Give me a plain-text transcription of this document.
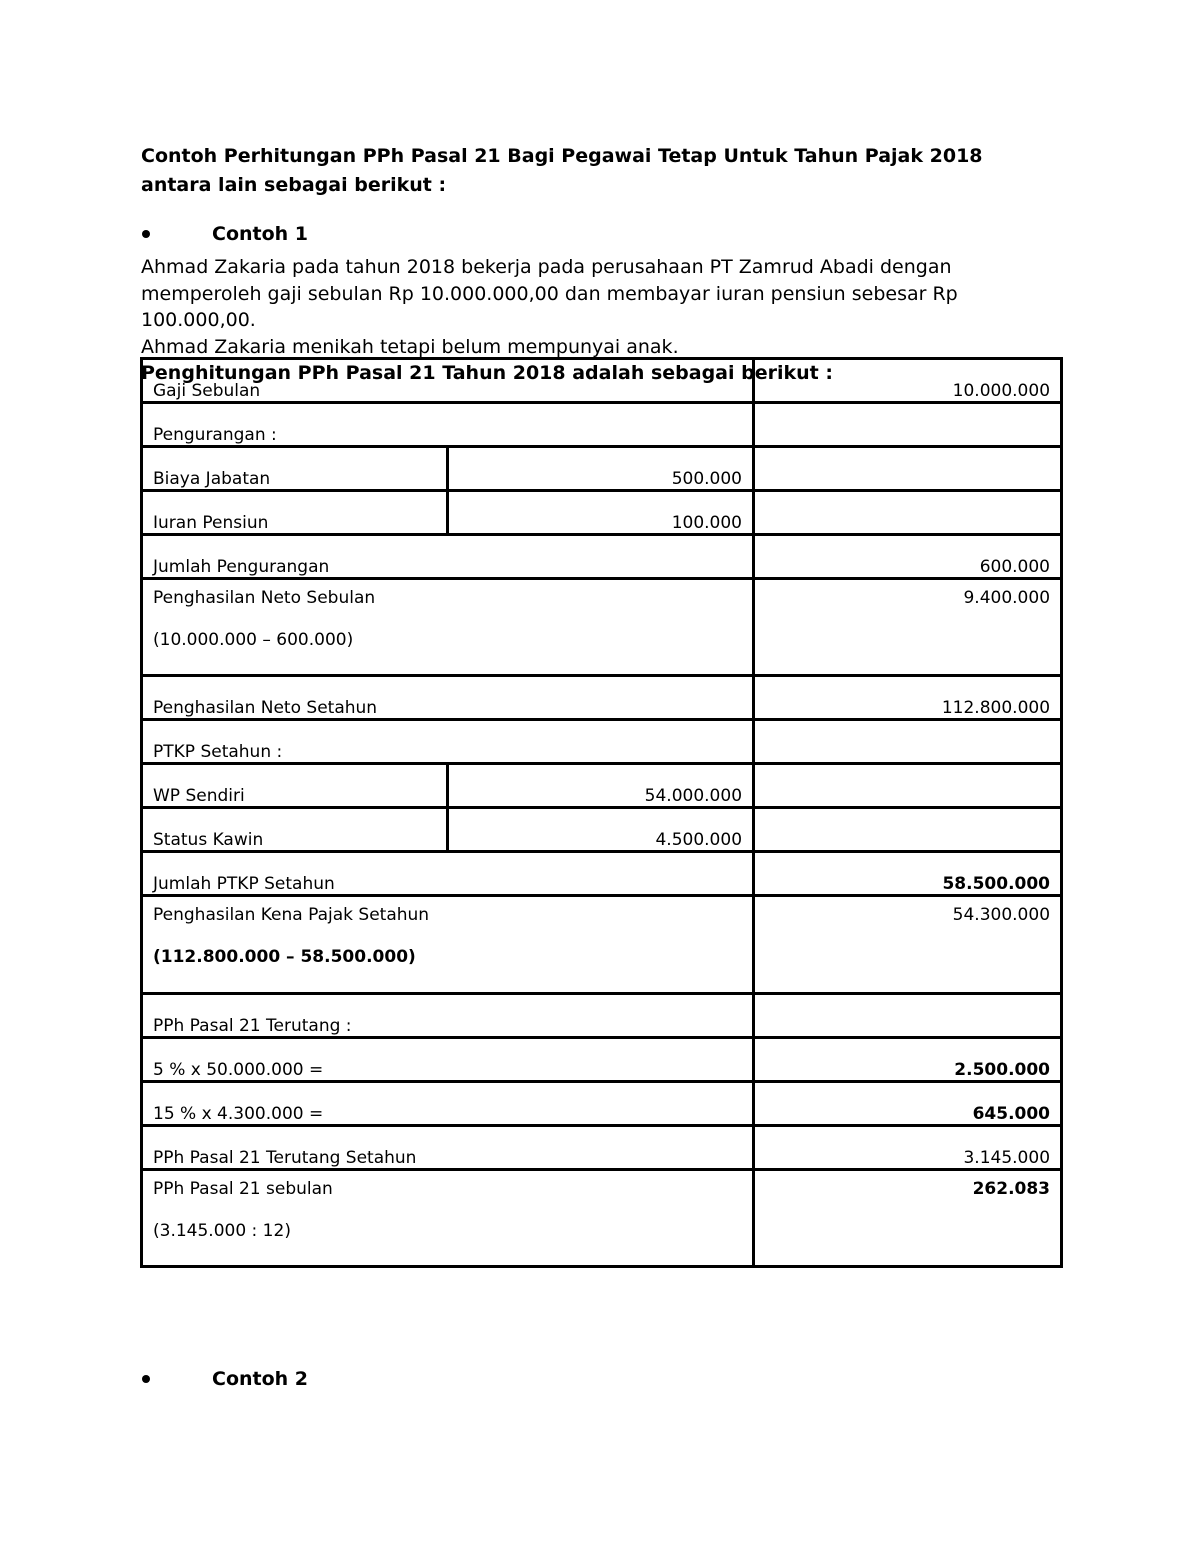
Contoh Perhitungan PPh Pasal 21 Bagi Pegawai Tetap Untuk Tahun Pajak 2018 antara lain sebagai berikut :
Contoh 1

Ahmad Zakaria pada tahun 2018 bekerja pada perusahaan PT Zamrud Abadi dengan memperoleh gaji sebulan Rp 10.000.000,00 dan membayar iuran pensiun sebesar Rp 100.000,00.

Ahmad Zakaria menikah tetapi belum mempunyai anak.

Penghitungan PPh Pasal 21 Tahun 2018 adalah sebagai berikut :

Gaji Sebulan		10.000.000
Pengurangan :		
Biaya Jabatan	500.000	
Iuran Pensiun	100.000	
Jumlah Pengurangan		600.000

Penghasilan Neto Sebulan
(10.000.000 – 600.000)		9.400.000
Penghasilan Neto Setahun		112.800.000
PTKP Setahun :		
WP Sendiri	54.000.000	
Status Kawin	4.500.000	
Jumlah PTKP Setahun		58.500.000

Penghasilan Kena Pajak Setahun
(112.800.000 – 58.500.000)		54.300.000
PPh Pasal 21 Terutang :		
5 % x 50.000.000 =		2.500.000
15 % x 4.300.000 =		645.000
PPh Pasal 21 Terutang Setahun		3.145.000

PPh Pasal 21 sebulan
(3.145.000 : 12)		262.083
Contoh 2
